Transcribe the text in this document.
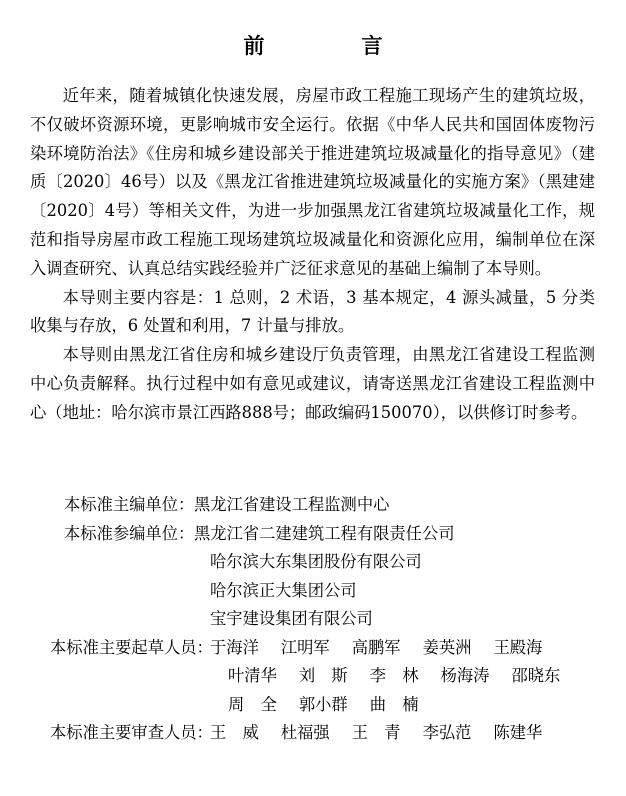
前　言

近年来，随着城镇化快速发展，房屋市政工程施工现场产生的建筑垃圾，不仅破坏资源环境，更影响城市安全运行。依据《中华人民共和国固体废物污染环境防治法》《住房和城乡建设部关于推进建筑垃圾减量化的指导意见》（建质〔2020〕46号）以及《黑龙江省推进建筑垃圾减量化的实施方案》（黑建建〔2020〕4号）等相关文件，为进一步加强黑龙江省建筑垃圾减量化工作，规范和指导房屋市政工程施工现场建筑垃圾减量化和资源化应用，编制单位在深入调查研究、认真总结实践经验并广泛征求意见的基础上编制了本导则。

本导则主要内容是：1 总则，2 术语，3 基本规定，4 源头减量，5 分类收集与存放，6 处置和利用，7 计量与排放。

本导则由黑龙江省住房和城乡建设厅负责管理，由黑龙江省建设工程监测中心负责解释。执行过程中如有意见或建议，请寄送黑龙江省建设工程监测中心（地址：哈尔滨市景江西路888号；邮政编码150070），以供修订时参考。

本标准主编单位： 黑龙江省建设工程监测中心
本标准参编单位： 黑龙江省二建建筑工程有限责任公司
哈尔滨大东集团股份有限公司
哈尔滨正大集团公司
宝宇建设集团有限公司
本标准主要起草人员：
于海洋 江明军 高鹏军 姜英洲 王殿海
叶清华 刘　斯 李　林 杨海涛 邵晓东
周　全 郭小群 曲　楠
本标准主要审查人员：
王　威 杜福强 王　青 李弘范 陈建华
